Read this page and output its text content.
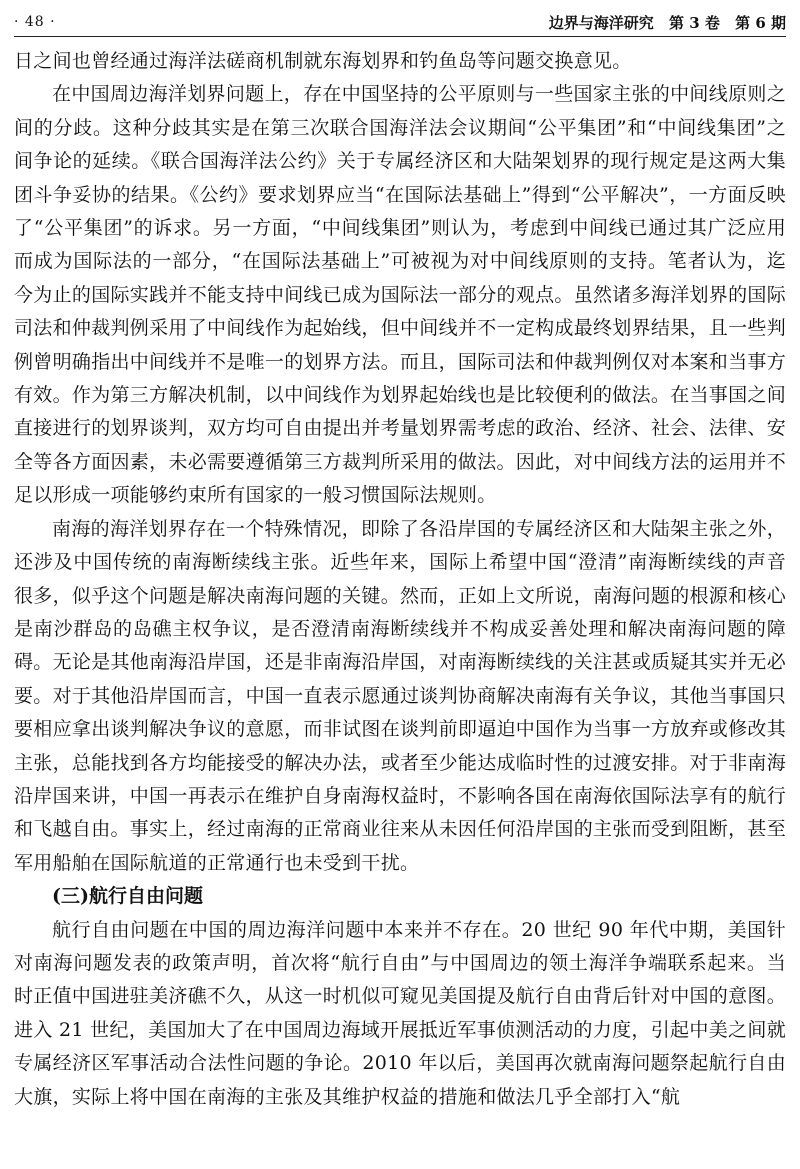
· 48 ·	边界与海洋研究 第 3 卷 第 6 期

日之间也曾经通过海洋法磋商机制就东海划界和钓鱼岛等问题交换意见。

在中国周边海洋划界问题上，存在中国坚持的公平原则与一些国家主张的中间线原则之间的分歧。这种分歧其实是在第三次联合国海洋法会议期间“公平集团”和“中间线集团”之间争论的延续。《联合国海洋法公约》关于专属经济区和大陆架划界的现行规定是这两大集团斗争妥协的结果。《公约》要求划界应当“在国际法基础上”得到“公平解决”，一方面反映了“公平集团”的诉求。另一方面，“中间线集团”则认为，考虑到中间线已通过其广泛应用而成为国际法的一部分，“在国际法基础上”可被视为对中间线原则的支持。笔者认为，迄今为止的国际实践并不能支持中间线已成为国际法一部分的观点。虽然诸多海洋划界的国际司法和仲裁判例采用了中间线作为起始线，但中间线并不一定构成最终划界结果，且一些判例曾明确指出中间线并不是唯一的划界方法。而且，国际司法和仲裁判例仅对本案和当事方有效。作为第三方解决机制，以中间线作为划界起始线也是比较便利的做法。在当事国之间直接进行的划界谈判，双方均可自由提出并考量划界需考虑的政治、经济、社会、法律、安全等各方面因素，未必需要遵循第三方裁判所采用的做法。因此，对中间线方法的运用并不足以形成一项能够约束所有国家的一般习惯国际法规则。

南海的海洋划界存在一个特殊情况，即除了各沿岸国的专属经济区和大陆架主张之外，还涉及中国传统的南海断续线主张。近些年来，国际上希望中国“澄清”南海断续线的声音很多，似乎这个问题是解决南海问题的关键。然而，正如上文所说，南海问题的根源和核心是南沙群岛的岛礁主权争议，是否澄清南海断续线并不构成妥善处理和解决南海问题的障碍。无论是其他南海沿岸国，还是非南海沿岸国，对南海断续线的关注甚或质疑其实并无必要。对于其他沿岸国而言，中国一直表示愿通过谈判协商解决南海有关争议，其他当事国只要相应拿出谈判解决争议的意愿，而非试图在谈判前即逼迫中国作为当事一方放弃或修改其主张，总能找到各方均能接受的解决办法，或者至少能达成临时性的过渡安排。对于非南海沿岸国来讲，中国一再表示在维护自身南海权益时，不影响各国在南海依国际法享有的航行和飞越自由。事实上，经过南海的正常商业往来从未因任何沿岸国的主张而受到阻断，甚至军用船舶在国际航道的正常通行也未受到干扰。

(三)航行自由问题

航行自由问题在中国的周边海洋问题中本来并不存在。20 世纪 90 年代中期，美国针对南海问题发表的政策声明，首次将“航行自由”与中国周边的领土海洋争端联系起来。当时正值中国进驻美济礁不久，从这一时机似可窥见美国提及航行自由背后针对中国的意图。进入 21 世纪，美国加大了在中国周边海域开展抵近军事侦测活动的力度，引起中美之间就专属经济区军事活动合法性问题的争论。2010 年以后，美国再次就南海问题祭起航行自由大旗，实际上将中国在南海的主张及其维护权益的措施和做法几乎全部打入“航
